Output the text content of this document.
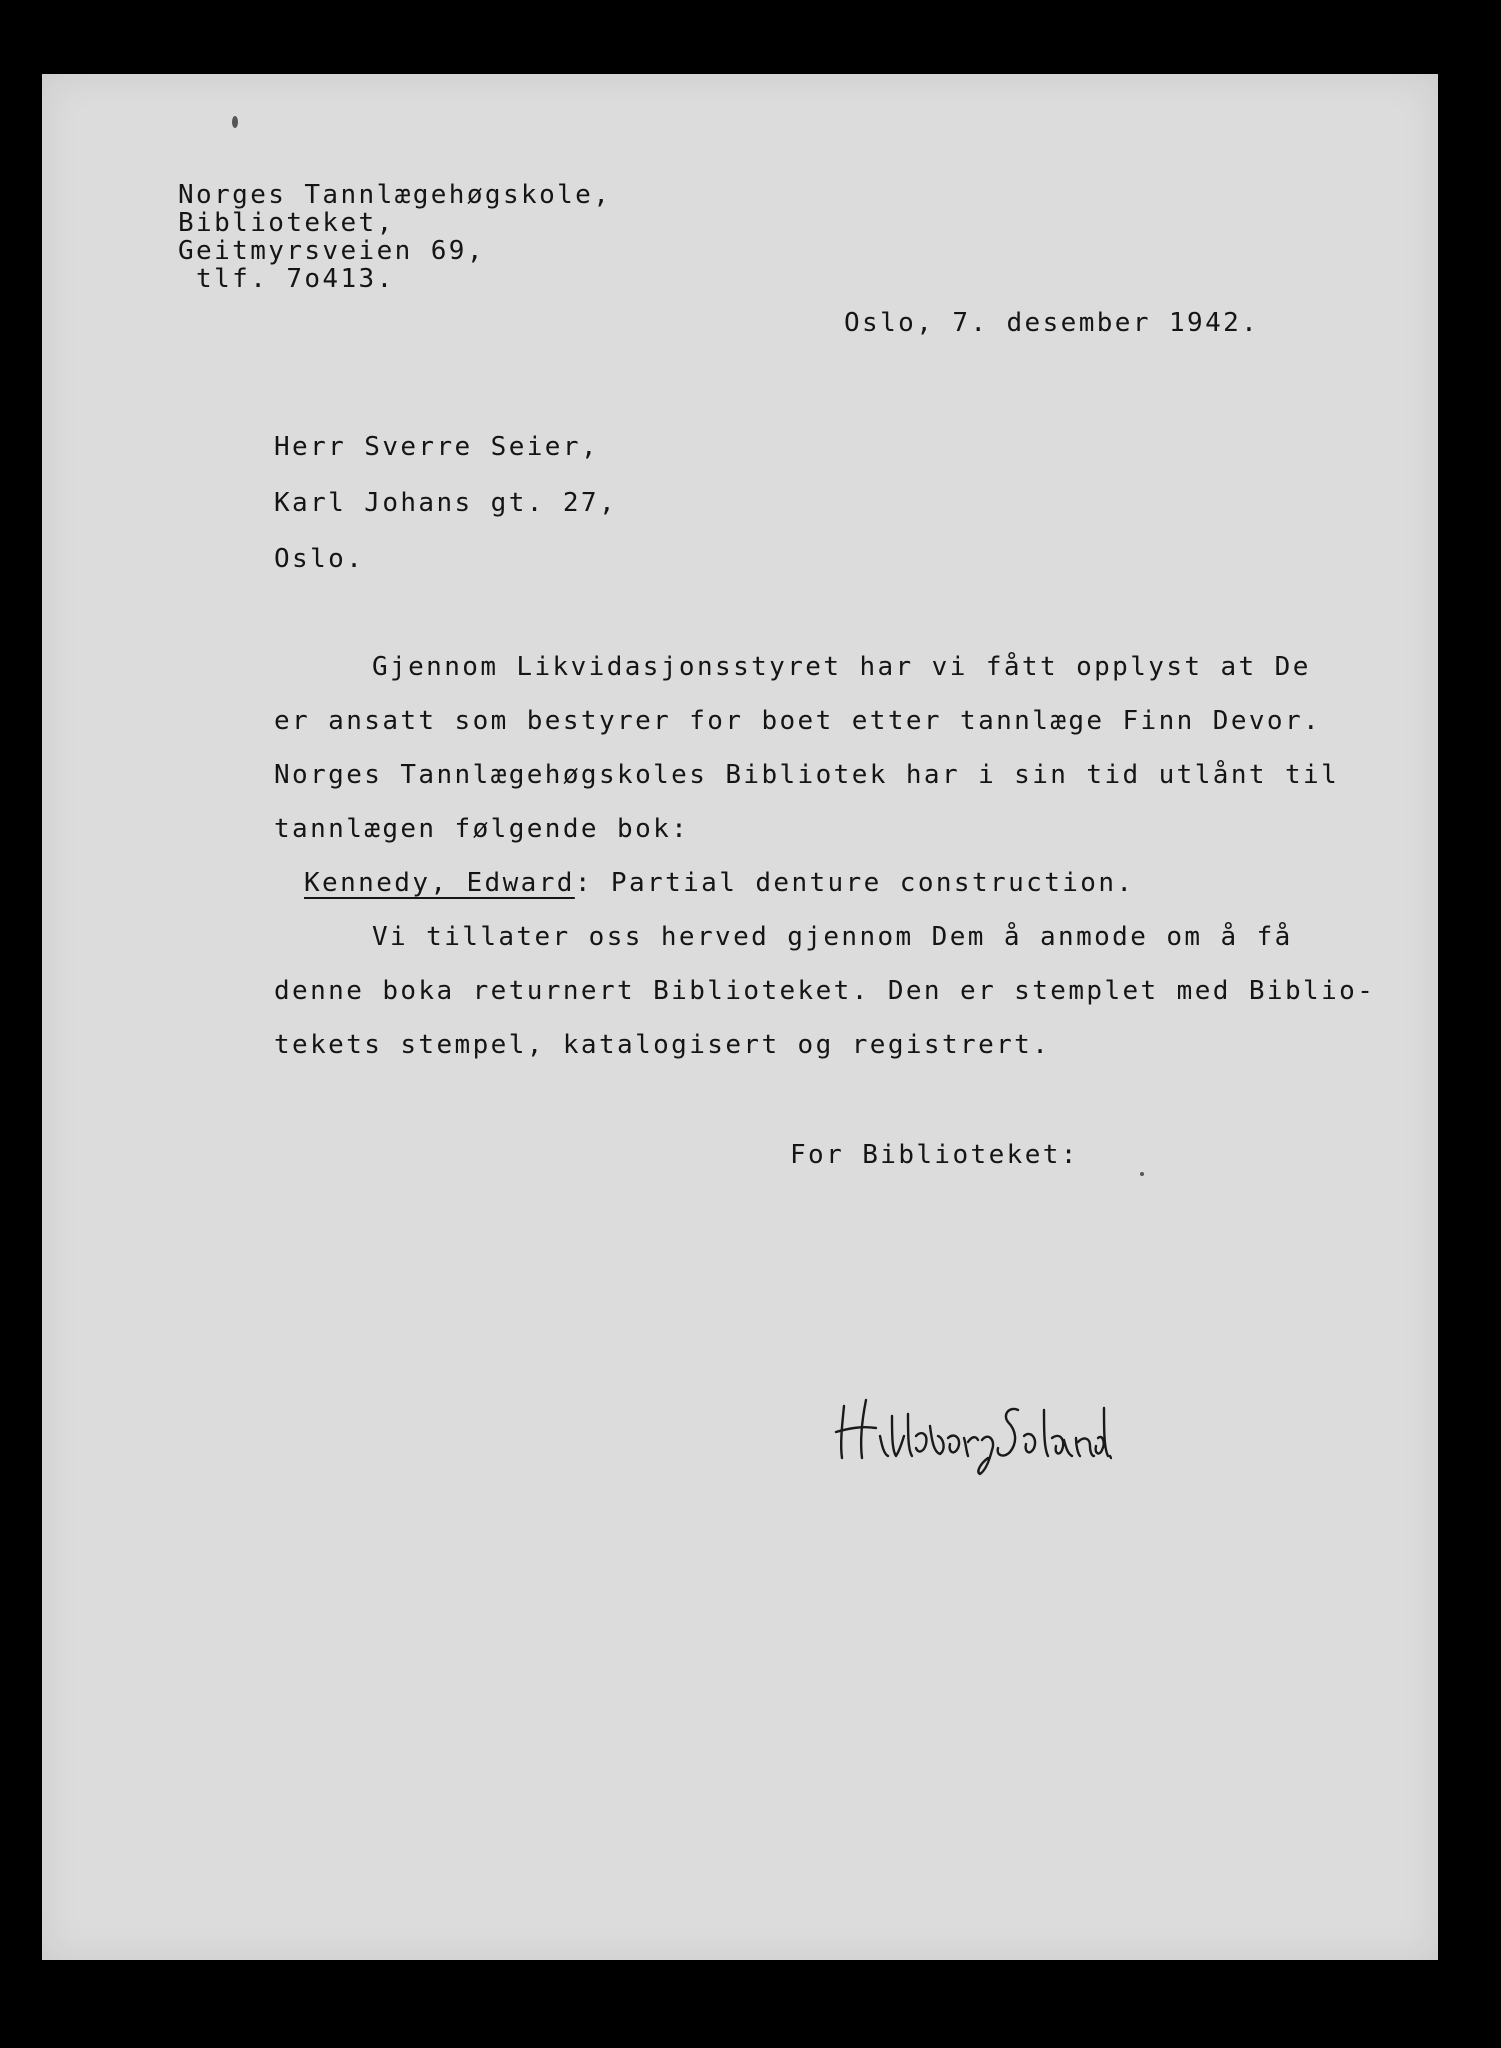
Norges Tannlægehøgskole,

Biblioteket,

Geitmyrsveien 69,

tlf. 7o413.

Oslo, 7. desember 1942.

Herr Sverre Seier,

Karl Johans gt. 27,

Oslo.

Gjennom Likvidasjonsstyret har vi fått opplyst at De

er ansatt som bestyrer for boet etter tannlæge Finn Devor.

Norges Tannlægehøgskoles Bibliotek har i sin tid utlånt til

tannlægen følgende bok:

Kennedy, Edward: Partial denture construction.

Vi tillater oss herved gjennom Dem å anmode om å få

denne boka returnert Biblioteket. Den er stemplet med Biblio-

tekets stempel, katalogisert og registrert.

For Biblioteket:
